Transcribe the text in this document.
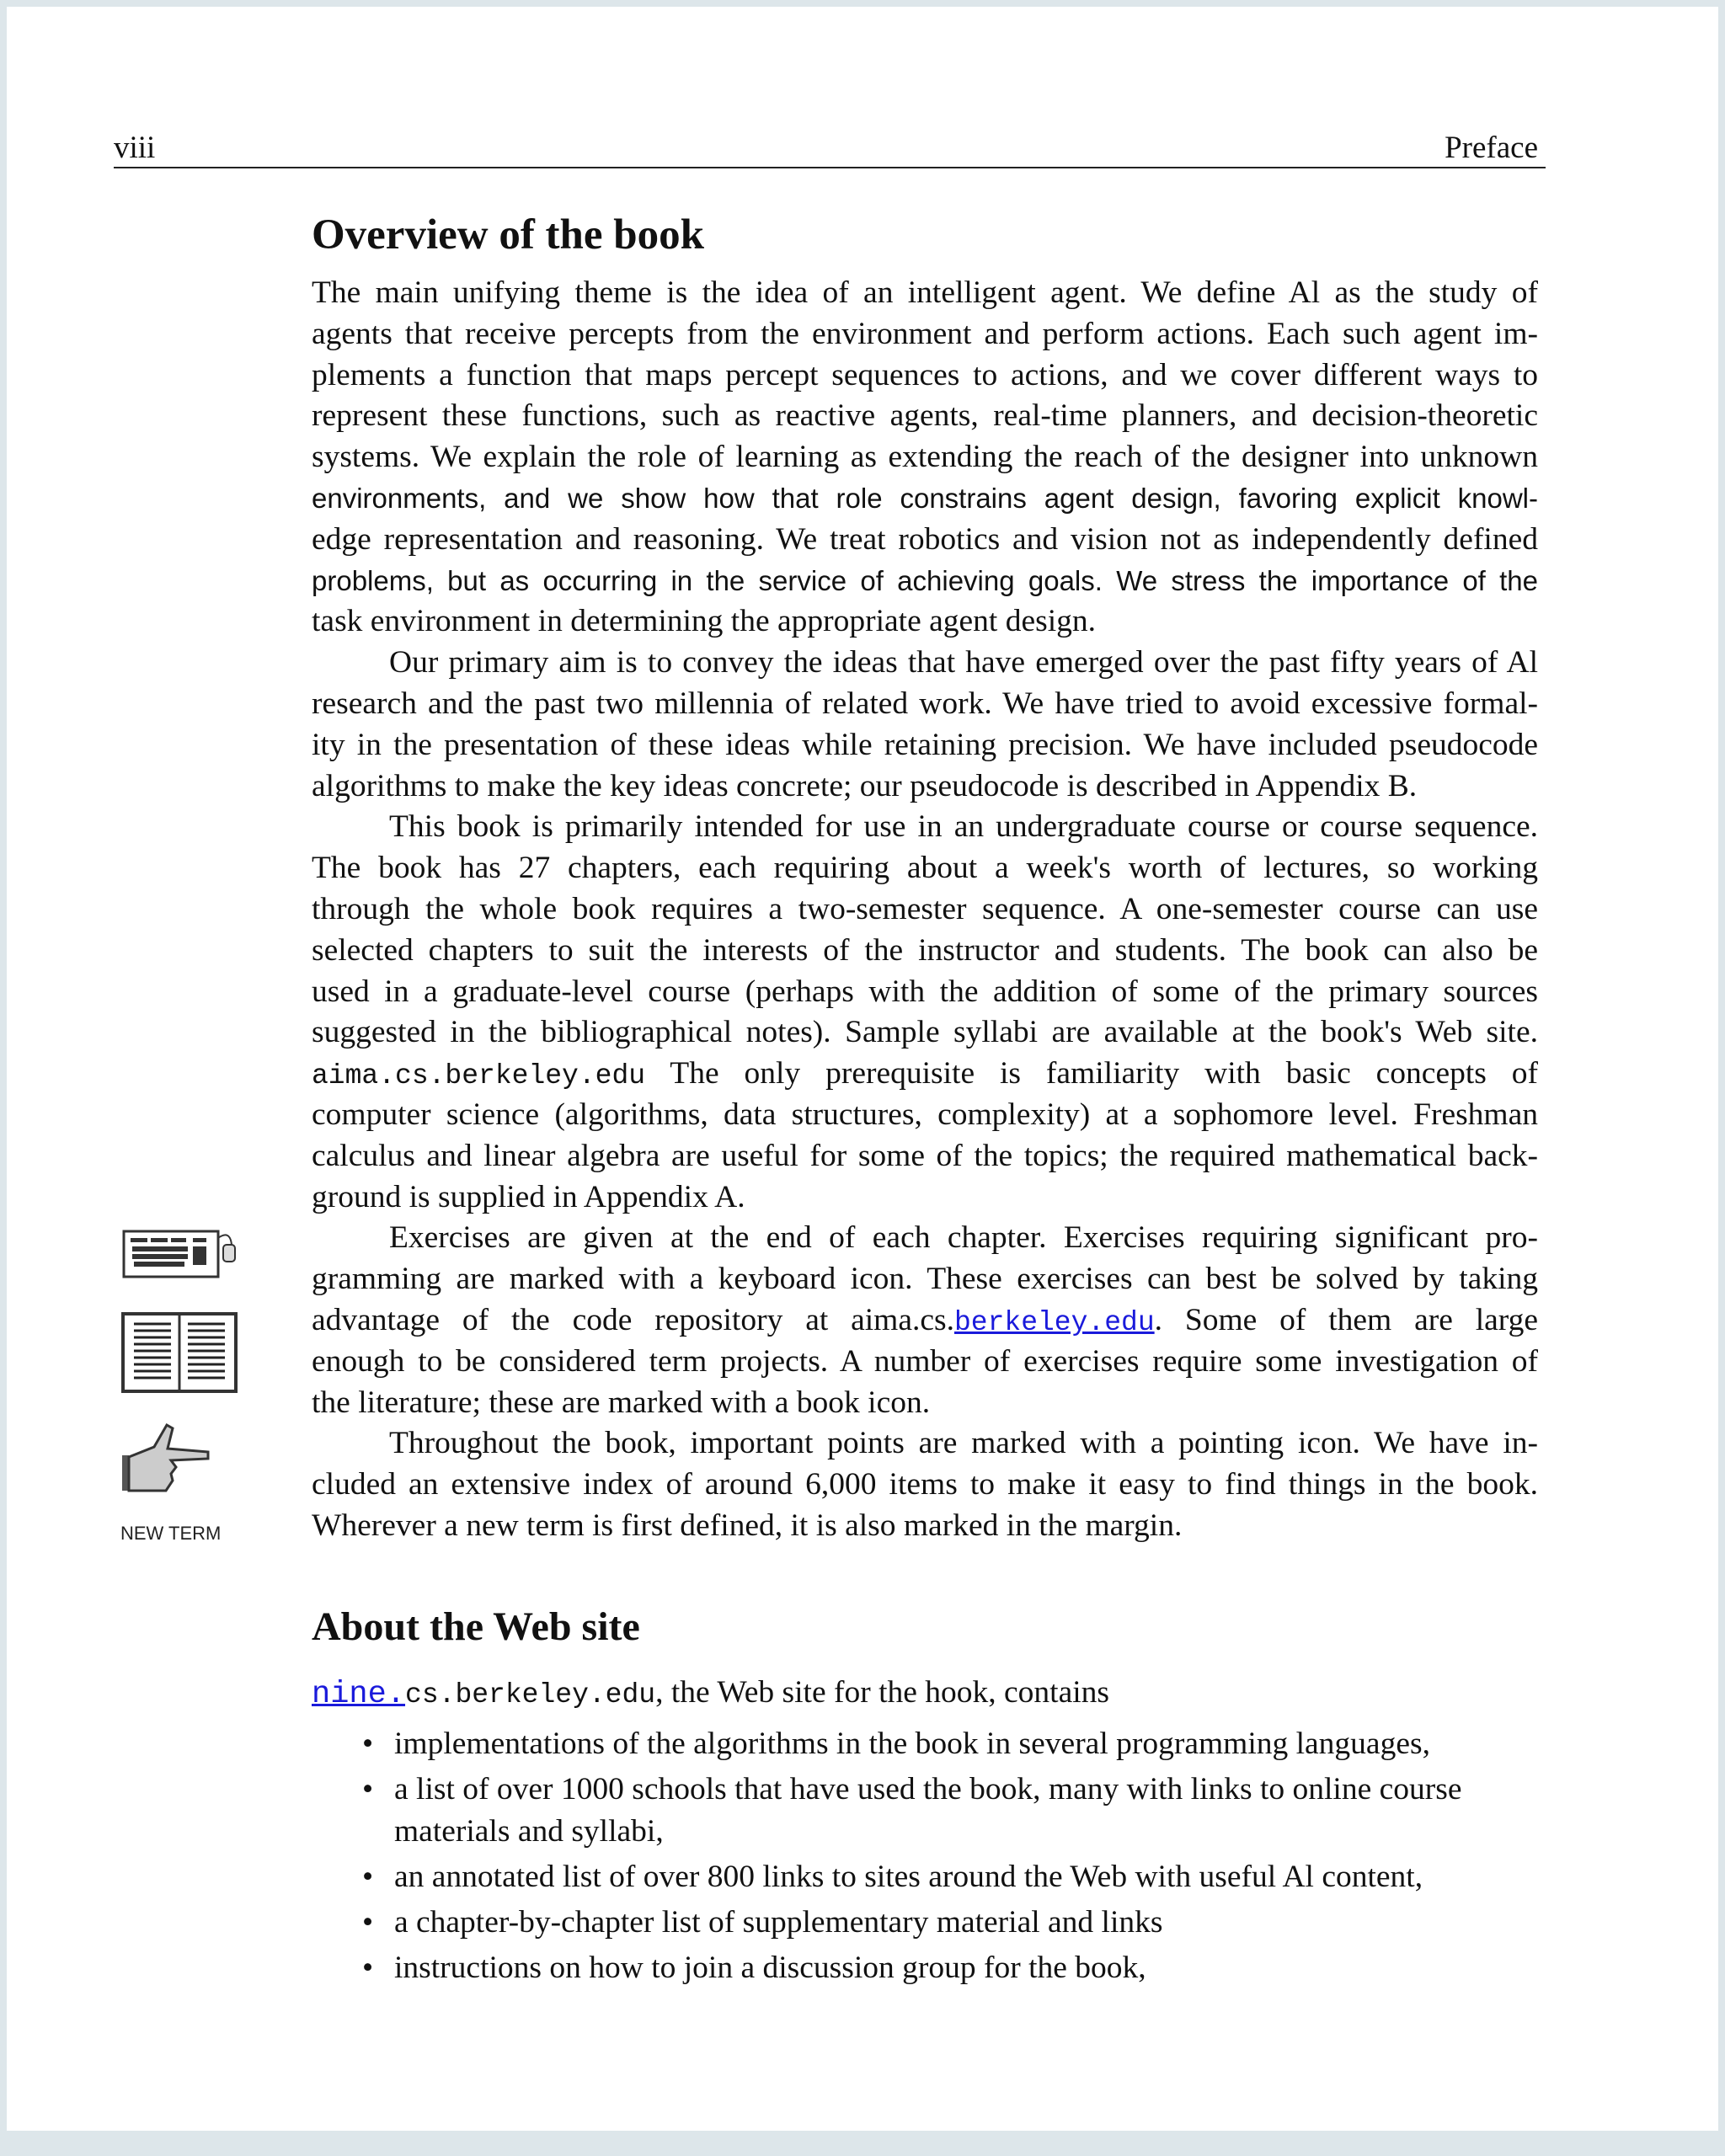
viii	Preface
Overview of the book
The main unifying theme is the idea of an intelligent agent. We define Al as the study of
agents that receive percepts from the environment and perform actions. Each such agent im-
plements a function that maps percept sequences to actions, and we cover different ways to
represent these functions, such as reactive agents, real-time planners, and decision-theoretic
systems. We explain the role of learning as extending the reach of the designer into unknown
environments, and we show how that role constrains agent design, favoring explicit knowl-
edge representation and reasoning. We treat robotics and vision not as independently defined
problems, but as occurring in the service of achieving goals. We stress the importance of the
task environment in determining the appropriate agent design.
Our primary aim is to convey the ideas that have emerged over the past fifty years of Al
research and the past two millennia of related work. We have tried to avoid excessive formal-
ity in the presentation of these ideas while retaining precision. We have included pseudocode
algorithms to make the key ideas concrete; our pseudocode is described in Appendix B.
This book is primarily intended for use in an undergraduate course or course sequence.
The book has 27 chapters, each requiring about a week's worth of lectures, so working
through the whole book requires a two-semester sequence. A one-semester course can use
selected chapters to suit the interests of the instructor and students. The book can also be
used in a graduate-level course (perhaps with the addition of some of the primary sources
suggested in the bibliographical notes). Sample syllabi are available at the book's Web site.
aima.cs.berkeley.edu The only prerequisite is familiarity with basic concepts of
computer science (algorithms, data structures, complexity) at a sophomore level. Freshman
calculus and linear algebra are useful for some of the topics; the required mathematical back-
ground is supplied in Appendix A.
Exercises are given at the end of each chapter. Exercises requiring significant pro-
gramming are marked with a keyboard icon. These exercises can best be solved by taking
advantage of the code repository at aima.cs.berkeley.edu. Some of them are large
enough to be considered term projects. A number of exercises require some investigation of
the literature; these are marked with a book icon.
Throughout the book, important points are marked with a pointing icon. We have in-
cluded an extensive index of around 6,000 items to make it easy to find things in the book.
Wherever a new term is first defined, it is also marked in the margin.
NEW TERM
About the Web site
nine.cs.berkeley.edu, the Web site for the hook, contains
• implementations of the algorithms in the book in several programming languages,
• a list of over 1000 schools that have used the book, many with links to online course materials and syllabi,
• an annotated list of over 800 links to sites around the Web with useful Al content,
• a chapter-by-chapter list of supplementary material and links
• instructions on how to join a discussion group for the book,
